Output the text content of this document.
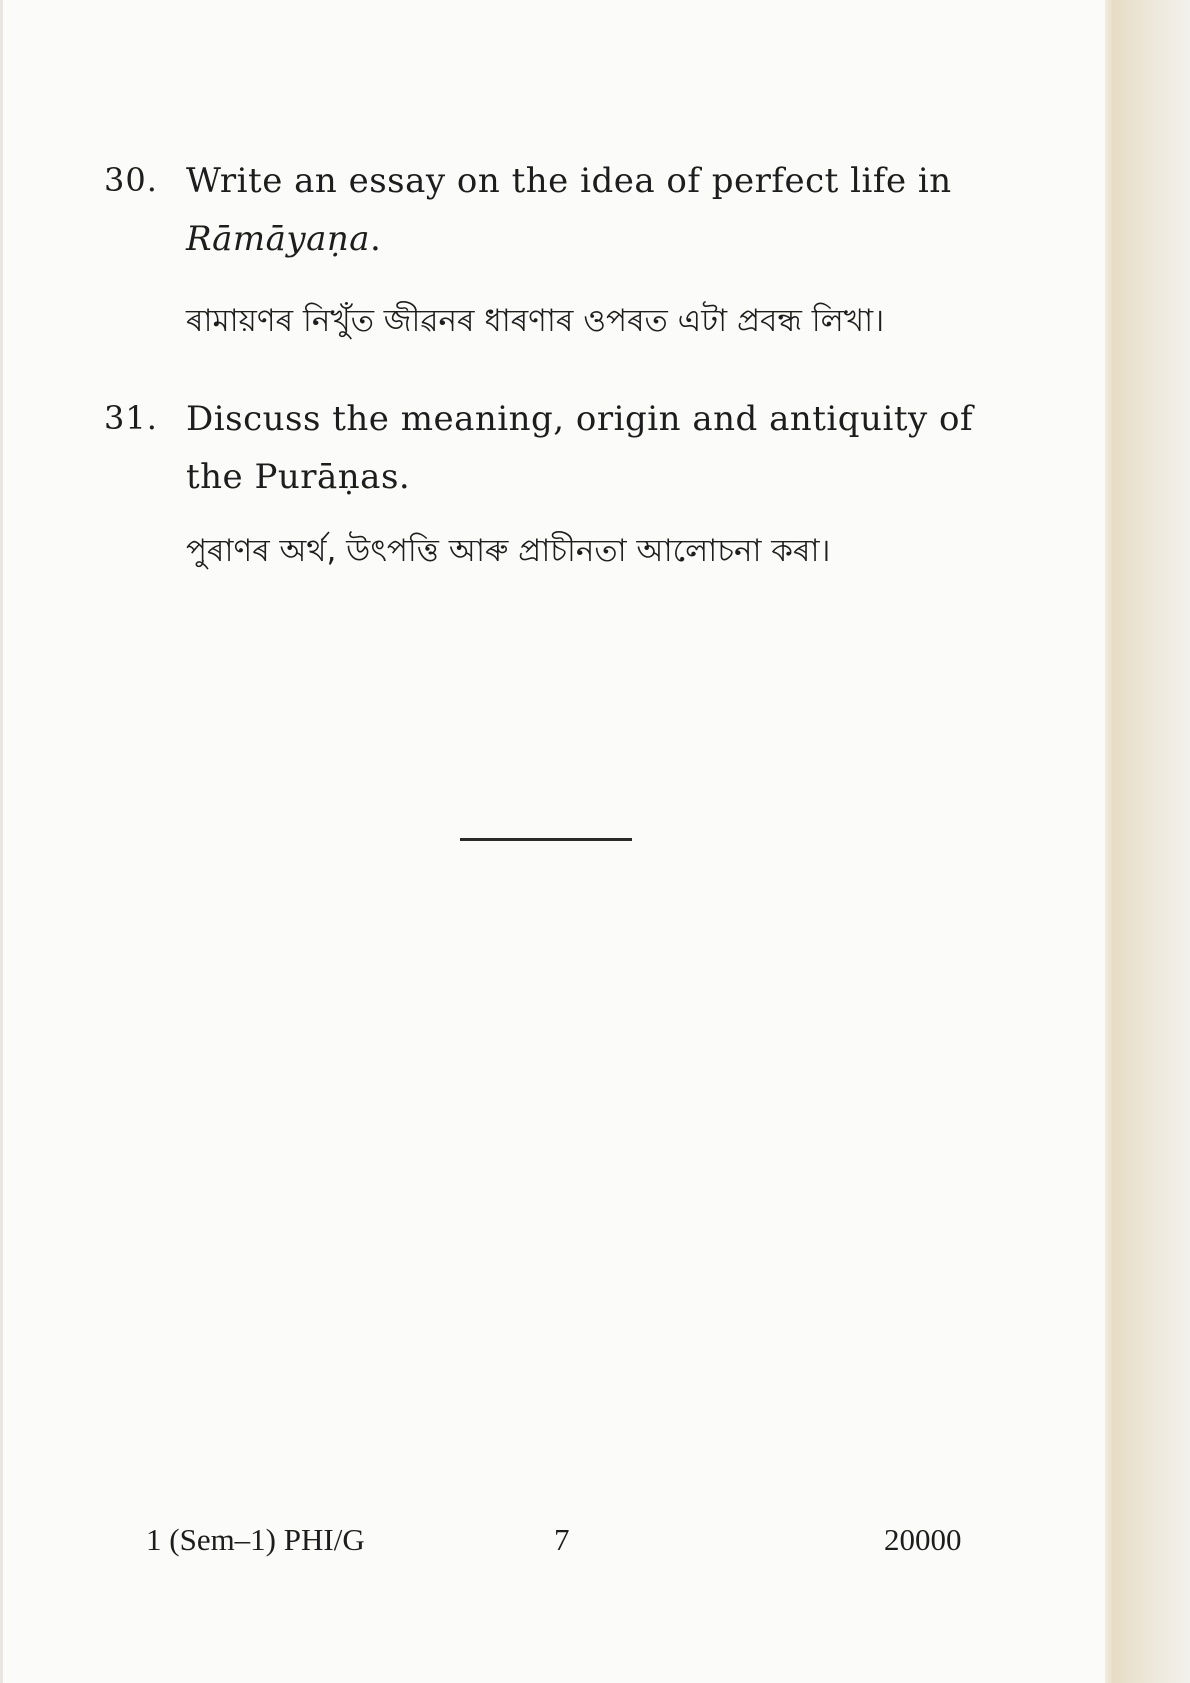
30. Write an essay on the idea of perfect life in
Rāmāyaṇa.
ৰামায়ণৰ নিখুঁত জীৱনৰ ধাৰণাৰ ওপৰত এটা প্ৰবন্ধ লিখা।
31. Discuss the meaning, origin and antiquity of the Purāṇas.
পুৰাণৰ অৰ্থ, উৎপত্তি আৰু প্ৰাচীনতা আলোচনা কৰা।
1 (Sem–1) PHI/G	7	20000
